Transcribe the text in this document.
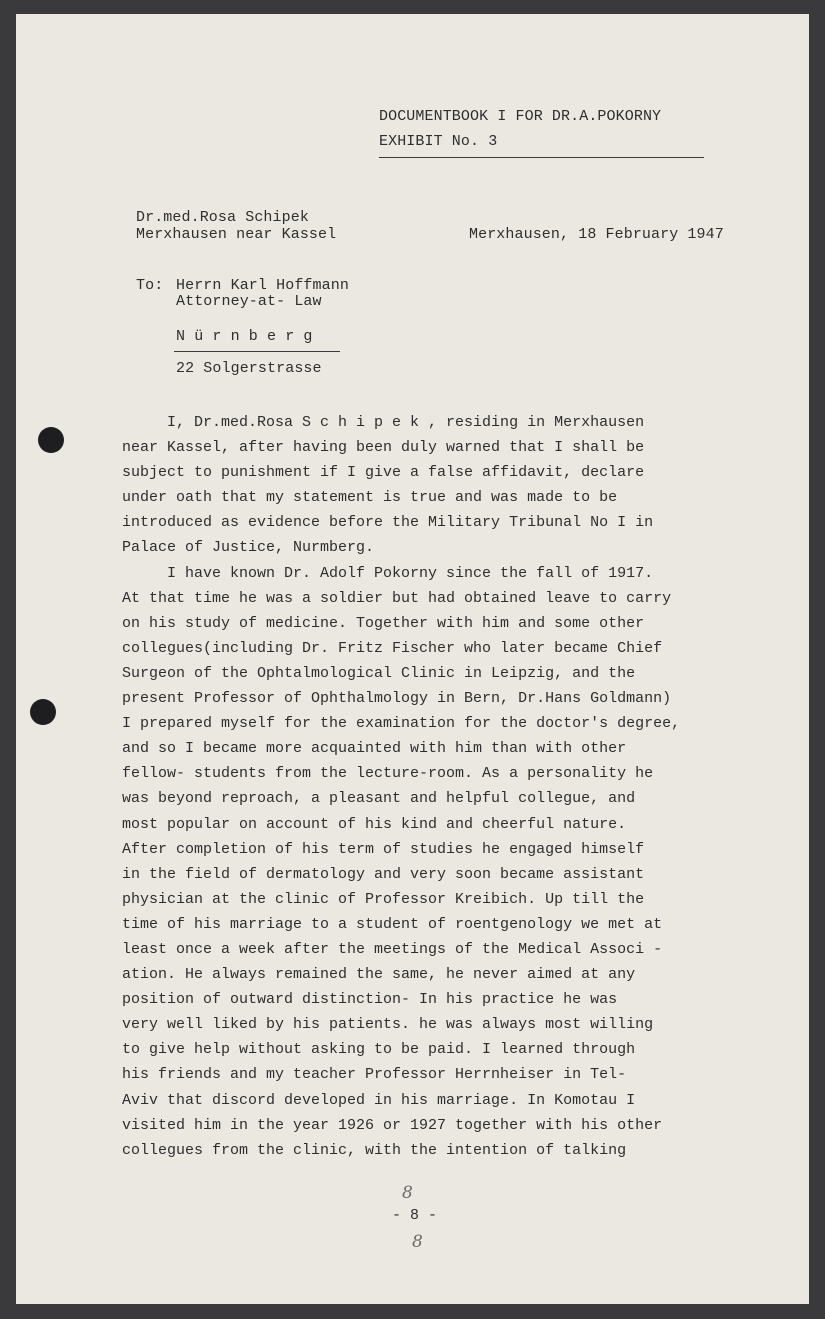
DOCUMENTBOOK I FOR DR.A.POKORNY
EXHIBIT No. 3
Dr.med.Rosa Schipek
Merxhausen near Kassel	Merxhausen, 18 February 1947
To: Herrn Karl Hoffmann
Attorney-at- Law
N ü r n b e r g
22 Solgerstrasse
I, Dr.med.Rosa S c h i p e k , residing in Merxhausen
near Kassel, after having been duly warned that I shall be
subject to punishment if I give a false affidavit, declare
under oath that my statement is true and was made to be
introduced as evidence before the Military Tribunal No I in
Palace of Justice, Nurmberg.
I have known Dr. Adolf Pokorny since the fall of 1917.
At that time he was a soldier but had obtained leave to carry
on his study of medicine. Together with him and some other
collegues(including Dr. Fritz Fischer who later became Chief
Surgeon of the Ophtalmological Clinic in Leipzig, and the
present Professor of Ophthalmology in Bern, Dr.Hans Goldmann)
I prepared myself for the examination for the doctor's degree,
and so I became more acquainted with him than with other
fellow- students from the lecture-room. As a personality he
was beyond reproach, a pleasant and helpful collegue, and
most popular on account of his kind and cheerful nature.
After completion of his term of studies he engaged himself
in the field of dermatology and very soon became assistant
physician at the clinic of Professor Kreibich. Up till the
time of his marriage to a student of roentgenology we met at
least once a week after the meetings of the Medical Associ -
ation. He always remained the same, he never aimed at any
position of outward distinction- In his practice he was
very well liked by his patients. he was always most willing
to give help without asking to be paid. I learned through
his friends and my teacher Professor Herrnheiser in Tel-
Aviv that discord developed in his marriage. In Komotau I
visited him in the year 1926 or 1927 together with his other
collegues from the clinic, with the intention of talking
8
- 8 -
8
